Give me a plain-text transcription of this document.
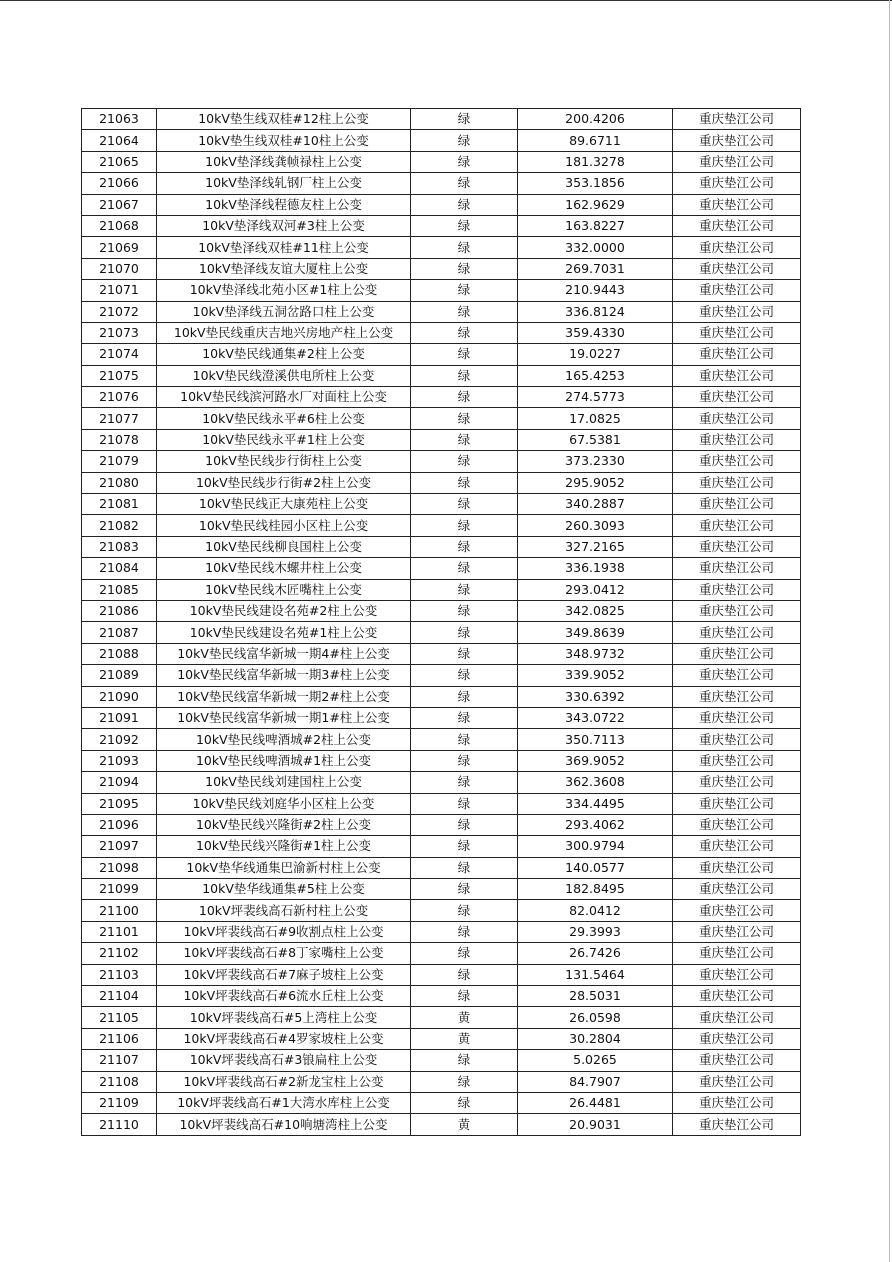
21063	10kV垫生线双桂#12柱上公变	绿	200.4206	重庆垫江公司
21064	10kV垫生线双桂#10柱上公变	绿	89.6711	重庆垫江公司
21065	10kV垫泽线龚帧禄柱上公变	绿	181.3278	重庆垫江公司
21066	10kV垫泽线轧钢厂柱上公变	绿	353.1856	重庆垫江公司
21067	10kV垫泽线程德友柱上公变	绿	162.9629	重庆垫江公司
21068	10kV垫泽线双河#3柱上公变	绿	163.8227	重庆垫江公司
21069	10kV垫泽线双桂#11柱上公变	绿	332.0000	重庆垫江公司
21070	10kV垫泽线友谊大厦柱上公变	绿	269.7031	重庆垫江公司
21071	10kV垫泽线北苑小区#1柱上公变	绿	210.9443	重庆垫江公司
21072	10kV垫泽线五洞岔路口柱上公变	绿	336.8124	重庆垫江公司
21073	10kV垫民线重庆吉地兴房地产柱上公变	绿	359.4330	重庆垫江公司
21074	10kV垫民线通集#2柱上公变	绿	19.0227	重庆垫江公司
21075	10kV垫民线澄溪供电所柱上公变	绿	165.4253	重庆垫江公司
21076	10kV垫民线滨河路水厂对面柱上公变	绿	274.5773	重庆垫江公司
21077	10kV垫民线永平#6柱上公变	绿	17.0825	重庆垫江公司
21078	10kV垫民线永平#1柱上公变	绿	67.5381	重庆垫江公司
21079	10kV垫民线步行街柱上公变	绿	373.2330	重庆垫江公司
21080	10kV垫民线步行街#2柱上公变	绿	295.9052	重庆垫江公司
21081	10kV垫民线正大康苑柱上公变	绿	340.2887	重庆垫江公司
21082	10kV垫民线桂园小区柱上公变	绿	260.3093	重庆垫江公司
21083	10kV垫民线柳良国柱上公变	绿	327.2165	重庆垫江公司
21084	10kV垫民线木螺井柱上公变	绿	336.1938	重庆垫江公司
21085	10kV垫民线木匠嘴柱上公变	绿	293.0412	重庆垫江公司
21086	10kV垫民线建设名苑#2柱上公变	绿	342.0825	重庆垫江公司
21087	10kV垫民线建设名苑#1柱上公变	绿	349.8639	重庆垫江公司
21088	10kV垫民线富华新城一期4#柱上公变	绿	348.9732	重庆垫江公司
21089	10kV垫民线富华新城一期3#柱上公变	绿	339.9052	重庆垫江公司
21090	10kV垫民线富华新城一期2#柱上公变	绿	330.6392	重庆垫江公司
21091	10kV垫民线富华新城一期1#柱上公变	绿	343.0722	重庆垫江公司
21092	10kV垫民线啤酒城#2柱上公变	绿	350.7113	重庆垫江公司
21093	10kV垫民线啤酒城#1柱上公变	绿	369.9052	重庆垫江公司
21094	10kV垫民线刘建国柱上公变	绿	362.3608	重庆垫江公司
21095	10kV垫民线刘庭华小区柱上公变	绿	334.4495	重庆垫江公司
21096	10kV垫民线兴隆街#2柱上公变	绿	293.4062	重庆垫江公司
21097	10kV垫民线兴隆街#1柱上公变	绿	300.9794	重庆垫江公司
21098	10kV垫华线通集巴渝新村柱上公变	绿	140.0577	重庆垫江公司
21099	10kV垫华线通集#5柱上公变	绿	182.8495	重庆垫江公司
21100	10kV坪裴线高石新村柱上公变	绿	82.0412	重庆垫江公司
21101	10kV坪裴线高石#9收割点柱上公变	绿	29.3993	重庆垫江公司
21102	10kV坪裴线高石#8丁家嘴柱上公变	绿	26.7426	重庆垫江公司
21103	10kV坪裴线高石#7麻子坡柱上公变	绿	131.5464	重庆垫江公司
21104	10kV坪裴线高石#6流水丘柱上公变	绿	28.5031	重庆垫江公司
21105	10kV坪裴线高石#5上湾柱上公变	黄	26.0598	重庆垫江公司
21106	10kV坪裴线高石#4罗家坡柱上公变	黄	30.2804	重庆垫江公司
21107	10kV坪裴线高石#3锒扁柱上公变	绿	5.0265	重庆垫江公司
21108	10kV坪裴线高石#2新龙宝柱上公变	绿	84.7907	重庆垫江公司
21109	10kV坪裴线高石#1大湾水库柱上公变	绿	26.4481	重庆垫江公司
21110	10kV坪裴线高石#10响塘湾柱上公变	黄	20.9031	重庆垫江公司
